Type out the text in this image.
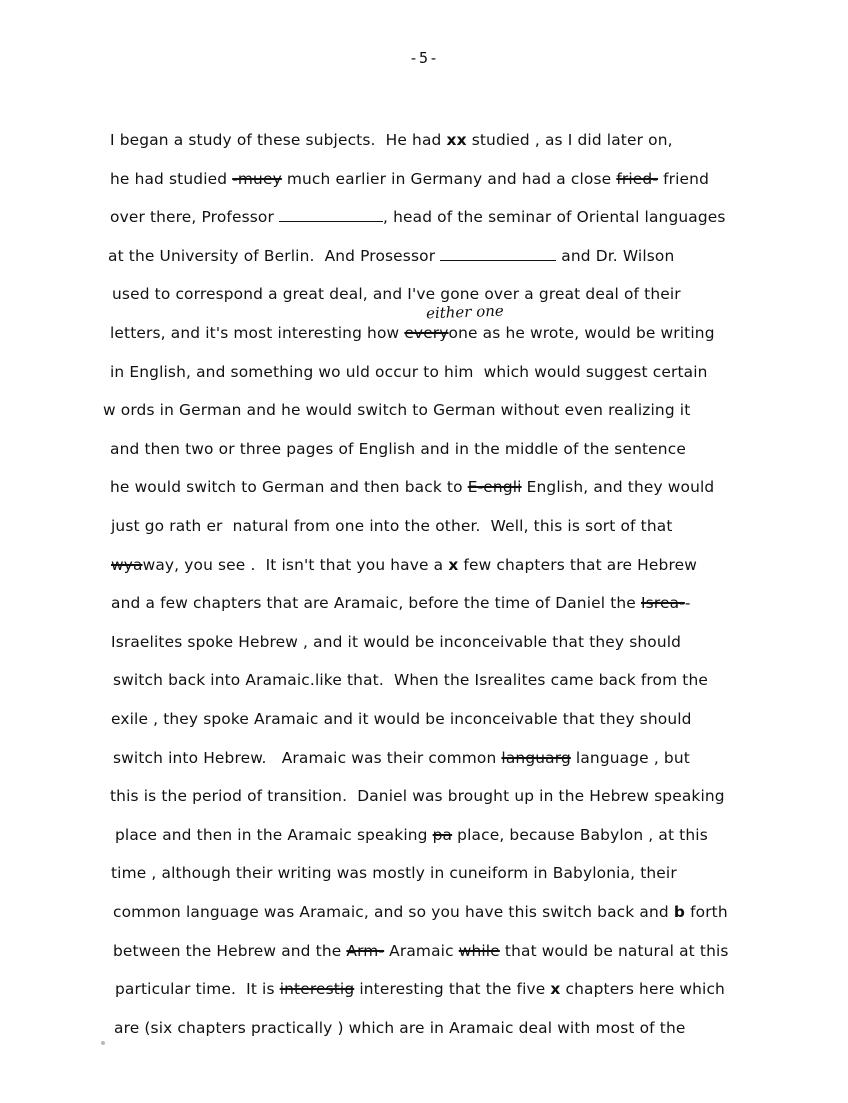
-5-
either one
I began a study of these subjects.  He had xx studied , as I did later on,
he had studied -muey much earlier in Germany and had a close fried- friend
over there, Professor	, head of the seminar of Oriental languages
at the University of Berlin.  And Prosessor	and Dr. Wilson
used to correspond a great deal, and I've gone over a great deal of their
letters, and it's most interesting how everyone as he wrote, would be writing
in English, and something wo uld occur to him  which would suggest certain
w ords in German and he would switch to German without even realizing it
and then two or three pages of English and in the middle of the sentence
he would switch to German and then back to E-engli English, and they would
just go rath er  natural from one into the other.  Well, this is sort of that
wyaway, you see .  It isn't that you have a x few chapters that are Hebrew
and a few chapters that are Aramaic, before the time of Daniel the Isrea--
Israelites spoke Hebrew , and it would be inconceivable that they should
switch back into Aramaic.like that.  When the Isrealites came back from the
exile , they spoke Aramaic and it would be inconceivable that they should
switch into Hebrew.   Aramaic was their common languarg language , but
this is the period of transition.  Daniel was brought up in the Hebrew speaking
place and then in the Aramaic speaking pa place, because Babylon , at this
time , although their writing was mostly in cuneiform in Babylonia, their
common language was Aramaic, and so you have this switch back and b forth
between the Hebrew and the Arm- Aramaic while that would be natural at this
particular time.  It is interestig interesting that the five x chapters here which
are (six chapters practically ) which are in Aramaic deal with most of the
